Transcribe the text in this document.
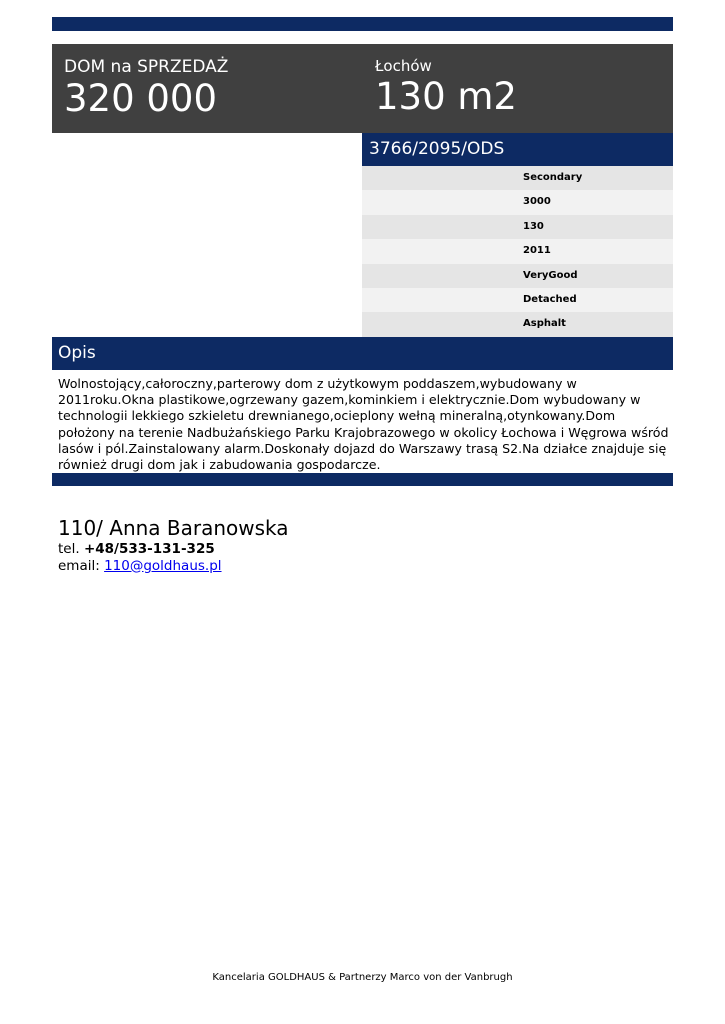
DOM na SPRZEDAŻ
320 000
Łochów
130 m2
3766/2095/ODS
Secondary
3000
130
2011
VeryGood
Detached
Asphalt
Opis

Wolnostojący,całoroczny,parterowy dom z użytkowym poddaszem,wybudowany w 2011roku.Okna plastikowe,ogrzewany gazem,kominkiem i elektrycznie.Dom wybudowany w technologii lekkiego szkieletu drewnianego,ocieplony wełną mineralną,otynkowany.Dom położony na terenie Nadbużańskiego Parku Krajobrazowego w okolicy Łochowa i Węgrowa wśród lasów i pól.Zainstalowany alarm.Doskonały dojazd do Warszawy trasą S2.Na działce znajduje się również drugi dom jak i zabudowania gospodarcze.

110/ Anna Baranowska
tel. +48/533-131-325
email: 110@goldhaus.pl
Kancelaria GOLDHAUS & Partnerzy Marco von der Vanbrugh
